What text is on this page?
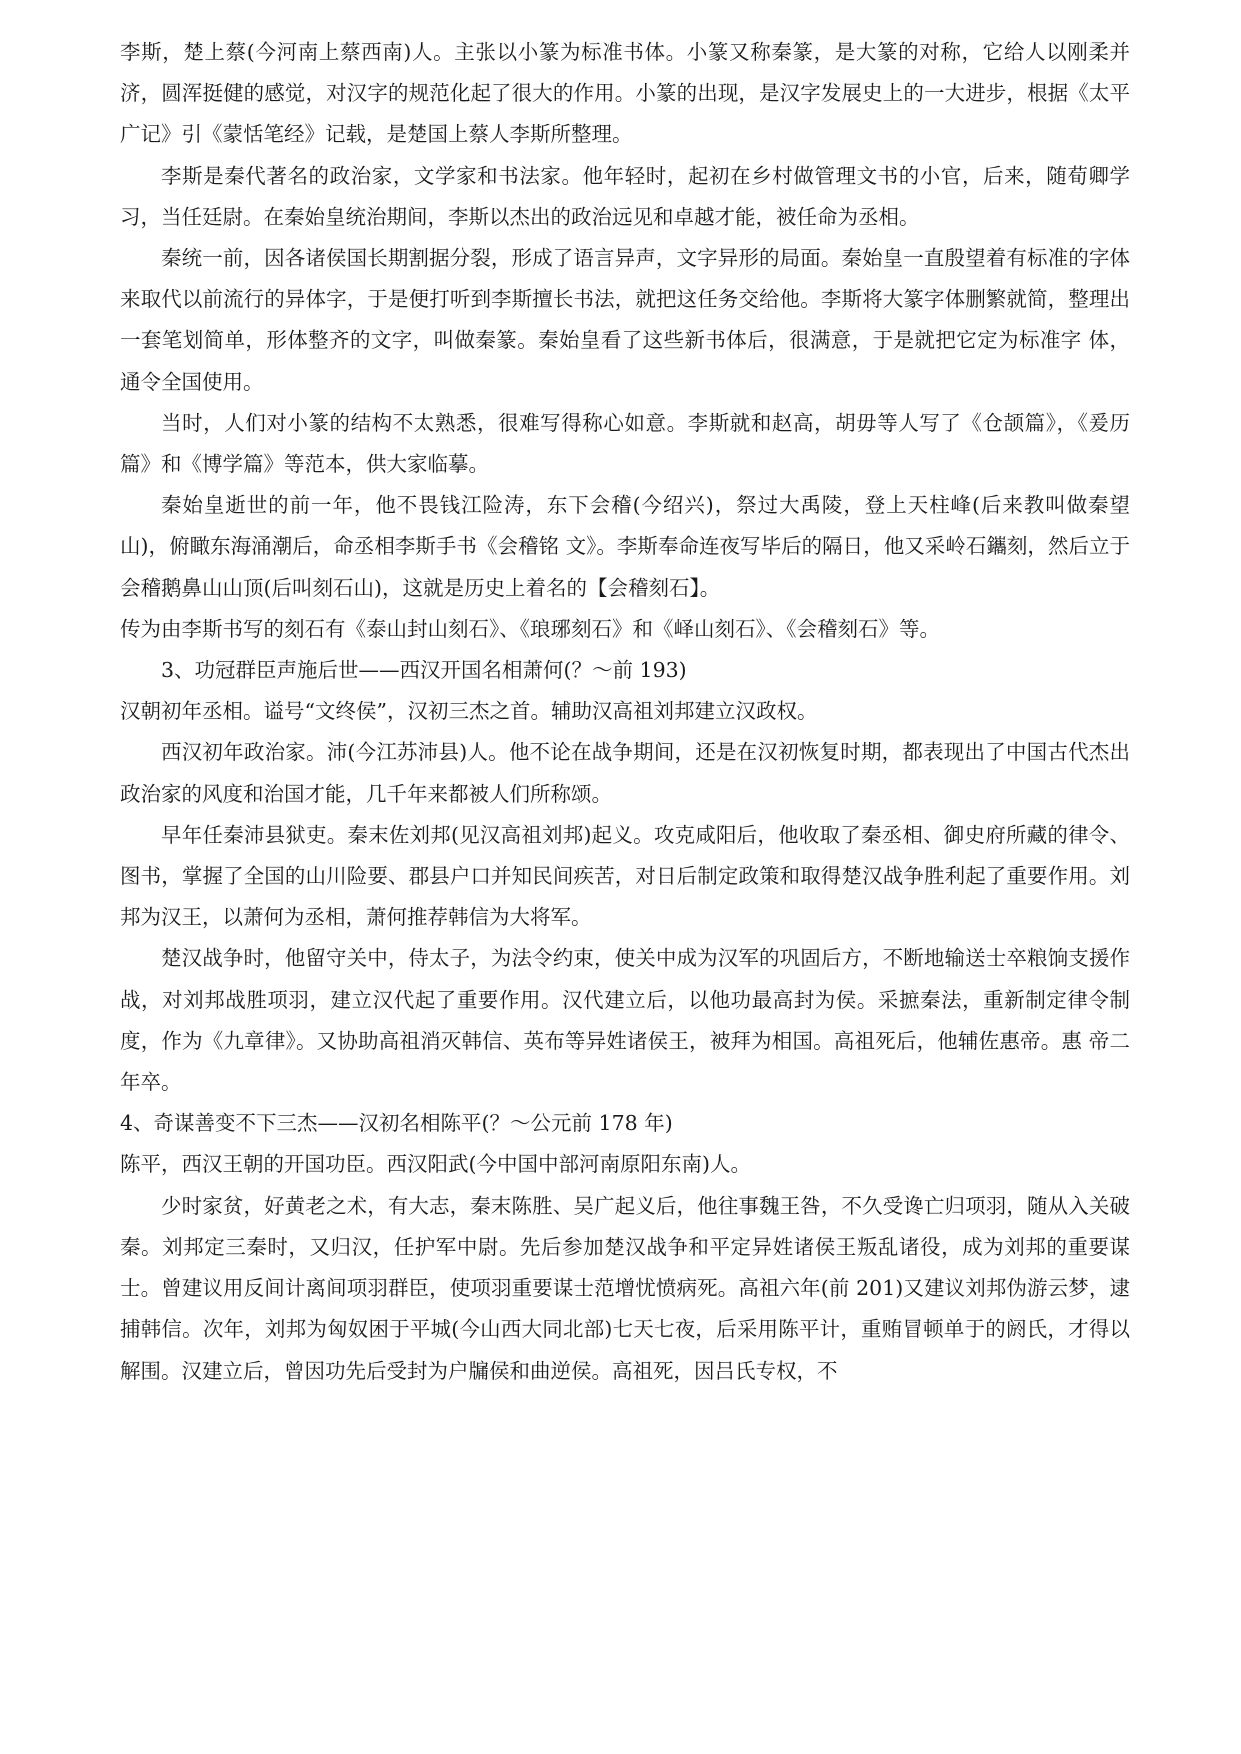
李斯，楚上蔡(今河南上蔡西南)人。主张以小篆为标准书体。小篆又称秦篆，是大篆的对称，它给人以刚柔并济，圆浑挺健的感觉，对汉字的规范化起了很大的作用。小篆的出现，是汉字发展史上的一大进步，根据《太平广记》引《蒙恬笔经》记载，是楚国上蔡人李斯所整理。

李斯是秦代著名的政治家，文学家和书法家。他年轻时，起初在乡村做管理文书的小官，后来，随荀卿学习，当任廷尉。在秦始皇统治期间，李斯以杰出的政治远见和卓越才能，被任命为丞相。

秦统一前，因各诸侯国长期割据分裂，形成了语言异声，文字异形的局面。秦始皇一直殷望着有标准的字体来取代以前流行的异体字，于是便打听到李斯擅长书法，就把这任务交给他。李斯将大篆字体删繁就简，整理出一套笔划简单，形体整齐的文字，叫做秦篆。秦始皇看了这些新书体后，很满意，于是就把它定为标准字 体，通令全国使用。

当时，人们对小篆的结构不太熟悉，很难写得称心如意。李斯就和赵高，胡毋等人写了《仓颉篇》，《爰历篇》和《博学篇》等范本，供大家临摹。

秦始皇逝世的前一年，他不畏钱江险涛，东下会稽(今绍兴)，祭过大禹陵，登上天柱峰(后来教叫做秦望山)，俯瞰东海涌潮后，命丞相李斯手书《会稽铭 文》。李斯奉命连夜写毕后的隔日，他又采岭石鑴刻，然后立于会稽鹅鼻山山顶(后叫刻石山)，这就是历史上着名的【会稽刻石】。

传为由李斯书写的刻石有《泰山封山刻石》、《琅琊刻石》和《峄山刻石》、《会稽刻石》等。

3、功冠群臣声施后世——西汉开国名相萧何(？～前 193)

汉朝初年丞相。谥号“文终侯”，汉初三杰之首。辅助汉高祖刘邦建立汉政权。

西汉初年政治家。沛(今江苏沛县)人。他不论在战争期间，还是在汉初恢复时期，都表现出了中国古代杰出政治家的风度和治国才能，几千年来都被人们所称颂。

早年任秦沛县狱吏。秦末佐刘邦(见汉高祖刘邦)起义。攻克咸阳后，他收取了秦丞相、御史府所藏的律令、图书，掌握了全国的山川险要、郡县户口并知民间疾苦，对日后制定政策和取得楚汉战争胜利起了重要作用。刘邦为汉王，以萧何为丞相，萧何推荐韩信为大将军。

楚汉战争时，他留守关中，侍太子，为法令约束，使关中成为汉军的巩固后方，不断地输送士卒粮饷支援作战，对刘邦战胜项羽，建立汉代起了重要作用。汉代建立后，以他功最高封为侯。采摭秦法，重新制定律令制度，作为《九章律》。又协助高祖消灭韩信、英布等异姓诸侯王，被拜为相国。高祖死后，他辅佐惠帝。惠 帝二年卒。

4、奇谋善变不下三杰——汉初名相陈平(？～公元前 178 年)

陈平，西汉王朝的开国功臣。西汉阳武(今中国中部河南原阳东南)人。

少时家贫，好黄老之术，有大志，秦末陈胜、吴广起义后，他往事魏王咎，不久受谗亡归项羽，随从入关破秦。刘邦定三秦时，又归汉，任护军中尉。先后参加楚汉战争和平定异姓诸侯王叛乱诸役，成为刘邦的重要谋士。曾建议用反间计离间项羽群臣，使项羽重要谋士范增忧愤病死。高祖六年(前 201)又建议刘邦伪游云梦，逮捕韩信。次年，刘邦为匈奴困于平城(今山西大同北部)七天七夜，后采用陈平计，重贿冒顿单于的阏氏，才得以解围。汉建立后，曾因功先后受封为户牖侯和曲逆侯。高祖死，因吕氏专权，不
